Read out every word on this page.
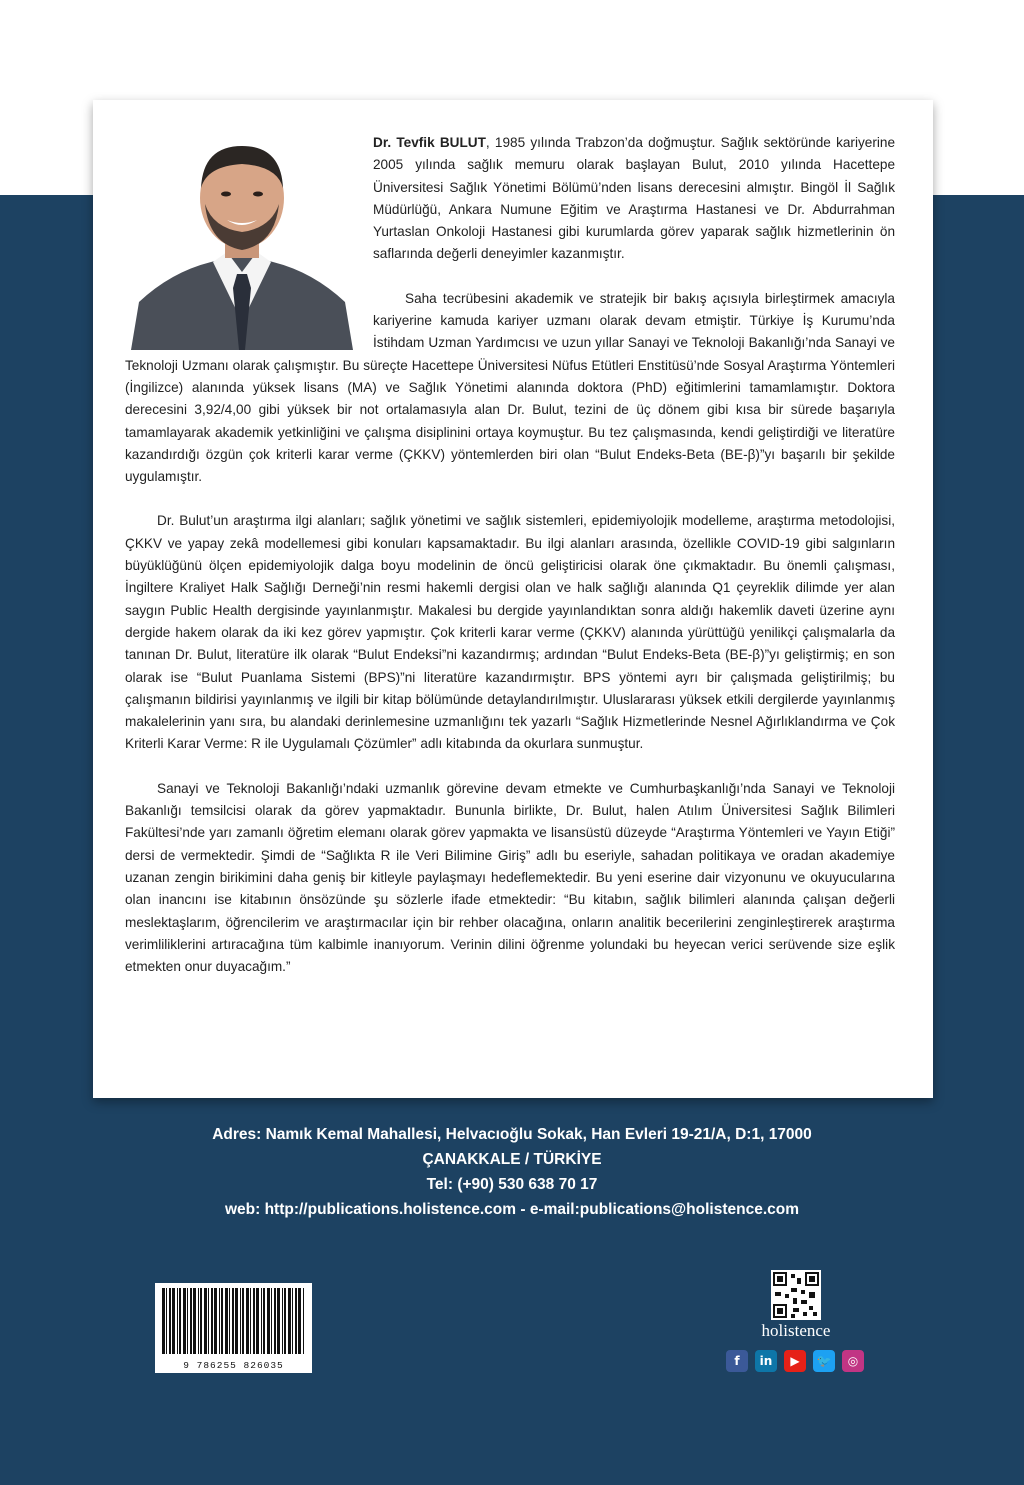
Dr. Tevfik BULUT, 1985 yılında Trabzon’da doğmuştur. Sağlık sektöründe kariyerine 2005 yılında sağlık memuru olarak başlayan Bulut, 2010 yılında Hacettepe Üniversitesi Sağlık Yönetimi Bölümü’nden lisans derecesini almıştır. Bingöl İl Sağlık Müdürlüğü, Ankara Numune Eğitim ve Araştırma Hastanesi ve Dr. Abdurrahman Yurtaslan Onkoloji Hastanesi gibi kurumlarda görev yaparak sağlık hizmetlerinin ön saflarında değerli deneyimler kazanmıştır.

Saha tecrübesini akademik ve stratejik bir bakış açısıyla birleştirmek amacıyla kariyerine kamuda kariyer uzmanı olarak devam etmiştir. Türkiye İş Kurumu’nda İstihdam Uzman Yardımcısı ve uzun yıllar Sanayi ve Teknoloji Bakanlığı’nda Sanayi ve Teknoloji Uzmanı olarak çalışmıştır. Bu süreçte Hacettepe Üniversitesi Nüfus Etütleri Enstitüsü’nde Sosyal Araştırma Yöntemleri (İngilizce) alanında yüksek lisans (MA) ve Sağlık Yönetimi alanında doktora (PhD) eğitimlerini tamamlamıştır. Doktora derecesini 3,92/4,00 gibi yüksek bir not ortalamasıyla alan Dr. Bulut, tezini de üç dönem gibi kısa bir sürede başarıyla tamamlayarak akademik yetkinliğini ve çalışma disiplinini ortaya koymuştur. Bu tez çalışmasında, kendi geliştirdiği ve literatüre kazandırdığı özgün çok kriterli karar verme (ÇKKV) yöntemlerden biri olan “Bulut Endeks-Beta (BE-β)”yı başarılı bir şekilde uygulamıştır.

Dr. Bulut’un araştırma ilgi alanları; sağlık yönetimi ve sağlık sistemleri, epidemiyolojik modelleme, araştırma metodolojisi, ÇKKV ve yapay zekâ modellemesi gibi konuları kapsamaktadır. Bu ilgi alanları arasında, özellikle COVID-19 gibi salgınların büyüklüğünü ölçen epidemiyolojik dalga boyu modelinin de öncü geliştiricisi olarak öne çıkmaktadır. Bu önemli çalışması, İngiltere Kraliyet Halk Sağlığı Derneği’nin resmi hakemli dergisi olan ve halk sağlığı alanında Q1 çeyreklik dilimde yer alan saygın Public Health dergisinde yayınlanmıştır. Makalesi bu dergide yayınlandıktan sonra aldığı hakemlik daveti üzerine aynı dergide hakem olarak da iki kez görev yapmıştır. Çok kriterli karar verme (ÇKKV) alanında yürüttüğü yenilikçi çalışmalarla da tanınan Dr. Bulut, literatüre ilk olarak “Bulut Endeksi”ni kazandırmış; ardından “Bulut Endeks-Beta (BE-β)”yı geliştirmiş; en son olarak ise “Bulut Puanlama Sistemi (BPS)”ni literatüre kazandırmıştır. BPS yöntemi ayrı bir çalışmada geliştirilmiş; bu çalışmanın bildirisi yayınlanmış ve ilgili bir kitap bölümünde detaylandırılmıştır. Uluslararası yüksek etkili dergilerde yayınlanmış makalelerinin yanı sıra, bu alandaki derinlemesine uzmanlığını tek yazarlı “Sağlık Hizmetlerinde Nesnel Ağırlıklandırma ve Çok Kriterli Karar Verme: R ile Uygulamalı Çözümler” adlı kitabında da okurlara sunmuştur.

Sanayi ve Teknoloji Bakanlığı’ndaki uzmanlık görevine devam etmekte ve Cumhurbaşkanlığı’nda Sanayi ve Teknoloji Bakanlığı temsilcisi olarak da görev yapmaktadır. Bununla birlikte, Dr. Bulut, halen Atılım Üniversitesi Sağlık Bilimleri Fakültesi’nde yarı zamanlı öğretim elemanı olarak görev yapmakta ve lisansüstü düzeyde “Araştırma Yöntemleri ve Yayın Etiği” dersi de vermektedir. Şimdi de “Sağlıkta R ile Veri Bilimine Giriş” adlı bu eseriyle, sahadan politikaya ve oradan akademiye uzanan zengin birikimini daha geniş bir kitleyle paylaşmayı hedeflemektedir. Bu yeni eserine dair vizyonunu ve okuyucularına olan inancını ise kitabının önsözünde şu sözlerle ifade etmektedir: “Bu kitabın, sağlık bilimleri alanında çalışan değerli meslektaşlarım, öğrencilerim ve araştırmacılar için bir rehber olacağına, onların analitik becerilerini zenginleştirerek araştırma verimliliklerini artıracağına tüm kalbimle inanıyorum. Verinin dilini öğrenme yolundaki bu heyecan verici serüvende size eşlik etmekten onur duyacağım.”

Adres: Namık Kemal Mahallesi, Helvacıoğlu Sokak, Han Evleri 19-21/A, D:1, 17000
ÇANAKKALE / TÜRKİYE
Tel: (+90) 530 638 70 17
web: http://publications.holistence.com - e-mail:publications@holistence.com
9 786255 826035
holistence
f	in	▶	🐦	◎
